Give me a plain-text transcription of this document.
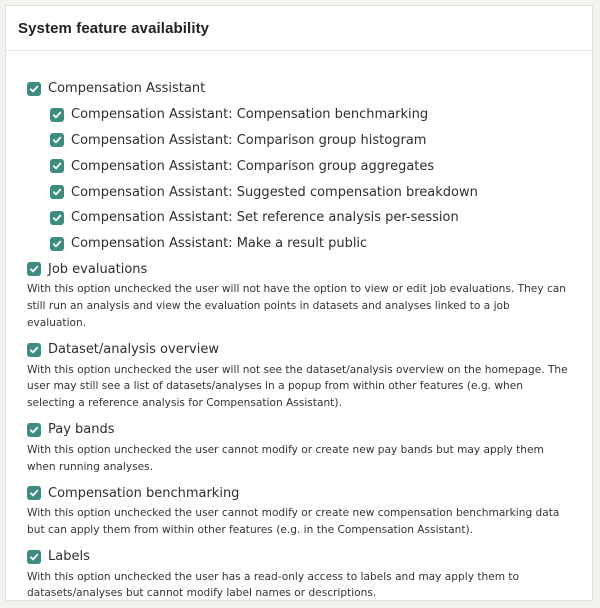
System feature availability
Compensation Assistant
Compensation Assistant: Compensation benchmarking
Compensation Assistant: Comparison group histogram
Compensation Assistant: Comparison group aggregates
Compensation Assistant: Suggested compensation breakdown
Compensation Assistant: Set reference analysis per-session
Compensation Assistant: Make a result public
Job evaluations
With this option unchecked the user will not have the option to view or edit job evaluations. They can still run an analysis and view the evaluation points in datasets and analyses linked to a job evaluation.
Dataset/analysis overview
With this option unchecked the user will not see the dataset/analysis overview on the homepage. The user may still see a list of datasets/analyses in a popup from within other features (e.g. when selecting a reference analysis for Compensation Assistant).
Pay bands
With this option unchecked the user cannot modify or create new pay bands but may apply them when running analyses.
Compensation benchmarking
With this option unchecked the user cannot modify or create new compensation benchmarking data but can apply them from within other features (e.g. in the Compensation Assistant).
Labels
With this option unchecked the user has a read-only access to labels and may apply them to datasets/analyses but cannot modify label names or descriptions.
